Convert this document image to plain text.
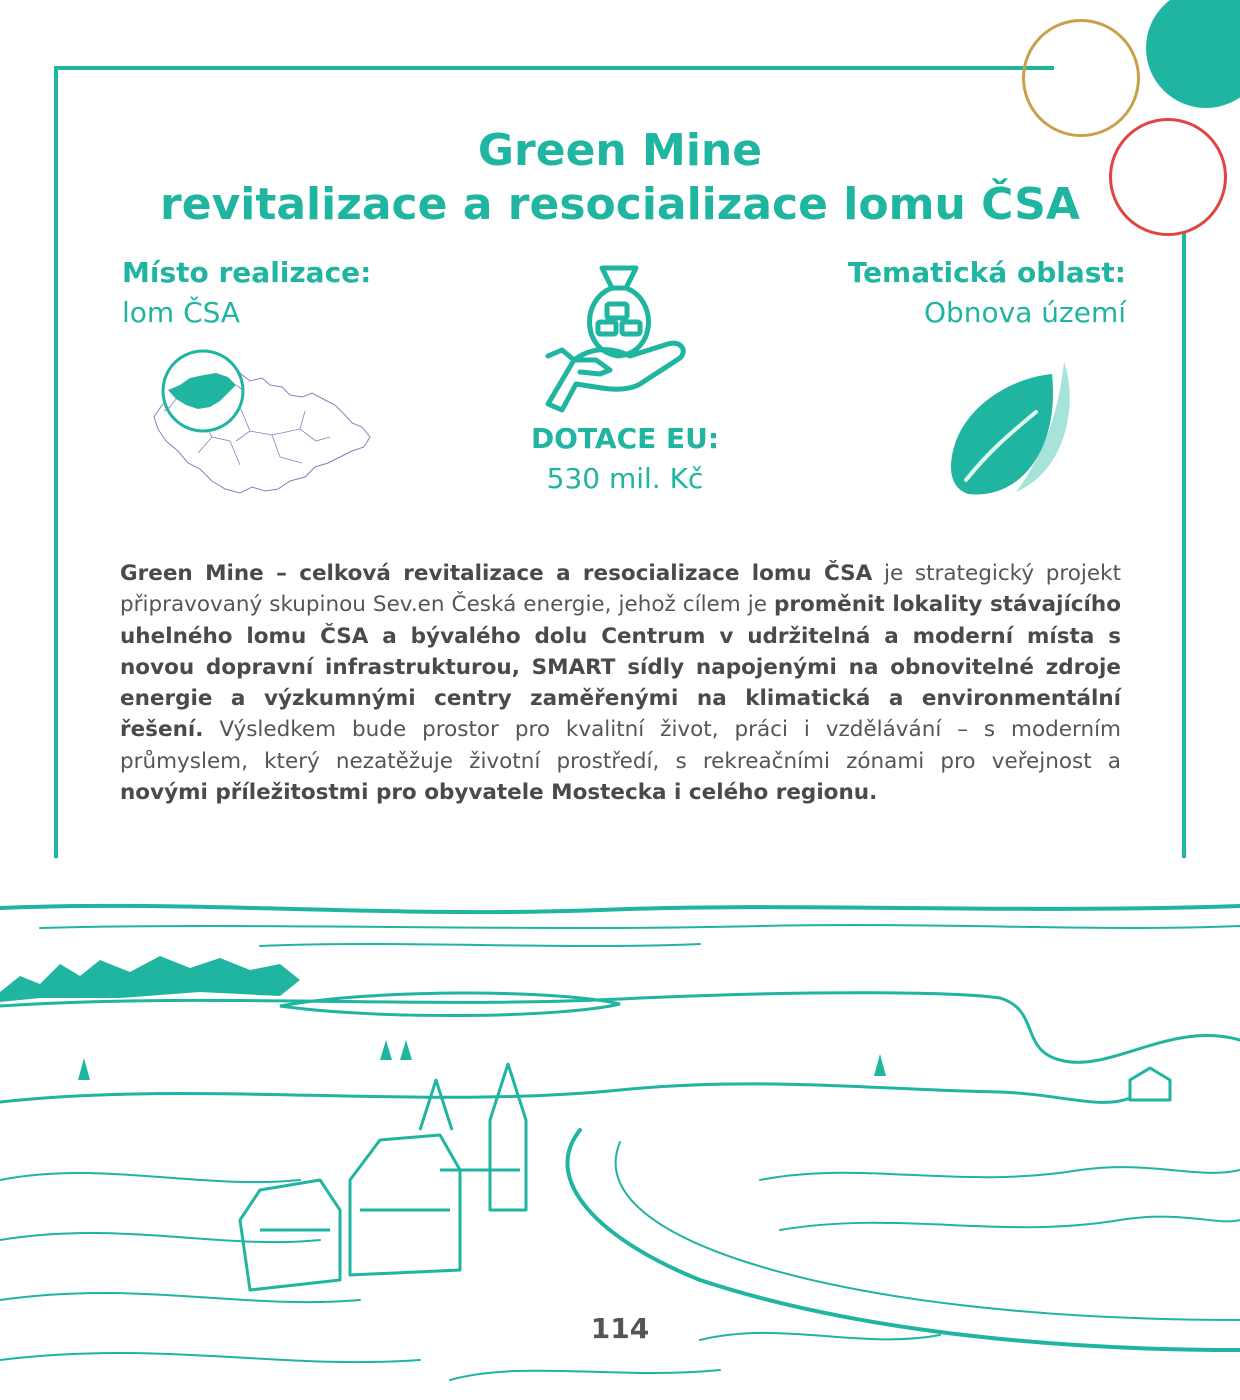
Green Mine
revitalizace a resocializace lomu ČSA
Místo realizace:
lom ČSA
DOTACE EU:
530 mil. Kč
Tematická oblast:
Obnova území
Green Mine – celková revitalizace a resocializace lomu ČSA je strategický projekt připravovaný skupinou Sev.en Česká energie, jehož cílem je proměnit lokality stávajícího uhelného lomu ČSA a bývalého dolu Centrum v udržitelná a moderní místa s novou dopravní infrastrukturou, SMART sídly napojenými na obnovitelné zdroje energie a výzkumnými centry zaměřenými na klimatická a environmentální řešení. Výsledkem bude prostor pro kvalitní život, práci i vzdělávání – s moderním průmyslem, který nezatěžuje životní prostředí, s rekreačními zónami pro veřejnost a novými příležitostmi pro obyvatele Mostecka i celého regionu.
114
